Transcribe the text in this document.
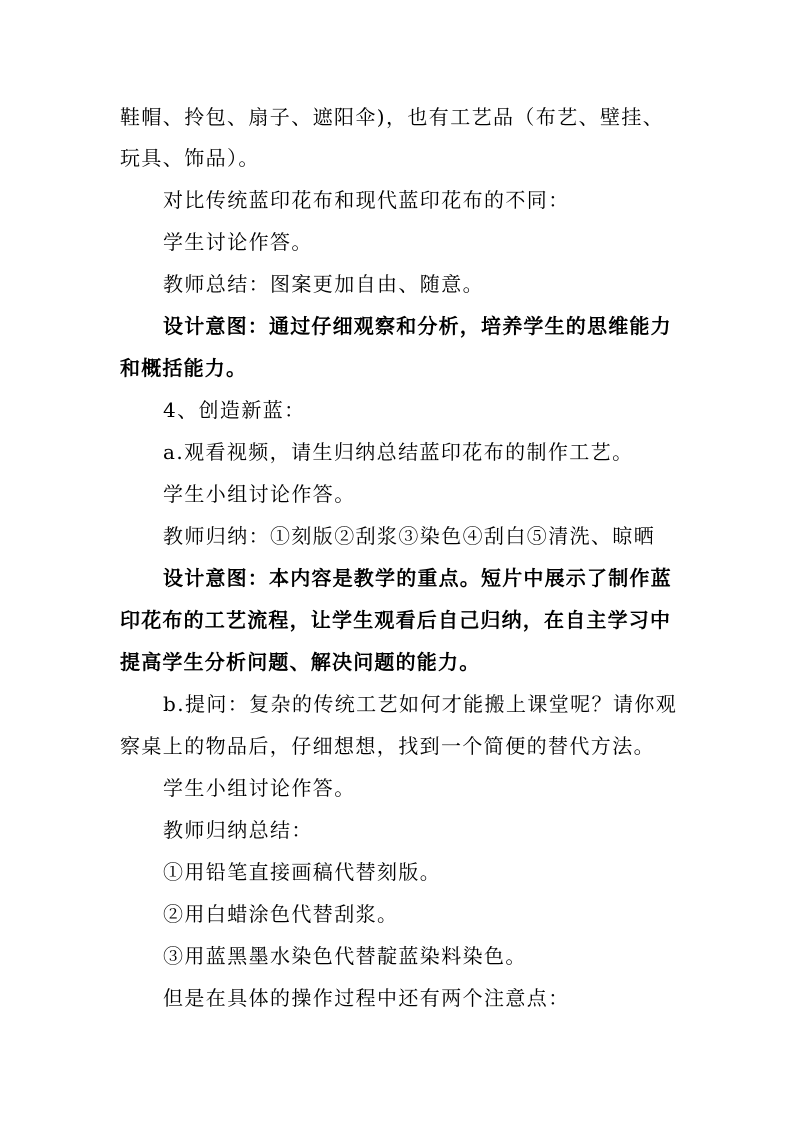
鞋帽、拎包、扇子、遮阳伞)，也有工艺品（布艺、壁挂、
玩具、饰品）。
对比传统蓝印花布和现代蓝印花布的不同：
学生讨论作答。
教师总结：图案更加自由、随意。
设计意图：通过仔细观察和分析，培养学生的思维能力
和概括能力。
4、创造新蓝：
a.观看视频，请生归纳总结蓝印花布的制作工艺。
学生小组讨论作答。
教师归纳：①刻版②刮浆③染色④刮白⑤清洗、晾晒
设计意图：本内容是教学的重点。短片中展示了制作蓝
印花布的工艺流程，让学生观看后自己归纳，在自主学习中
提高学生分析问题、解决问题的能力。
b.提问：复杂的传统工艺如何才能搬上课堂呢？请你观
察桌上的物品后，仔细想想，找到一个简便的替代方法。
学生小组讨论作答。
教师归纳总结：
①用铅笔直接画稿代替刻版。
②用白蜡涂色代替刮浆。
③用蓝黑墨水染色代替靛蓝染料染色。
但是在具体的操作过程中还有两个注意点：
